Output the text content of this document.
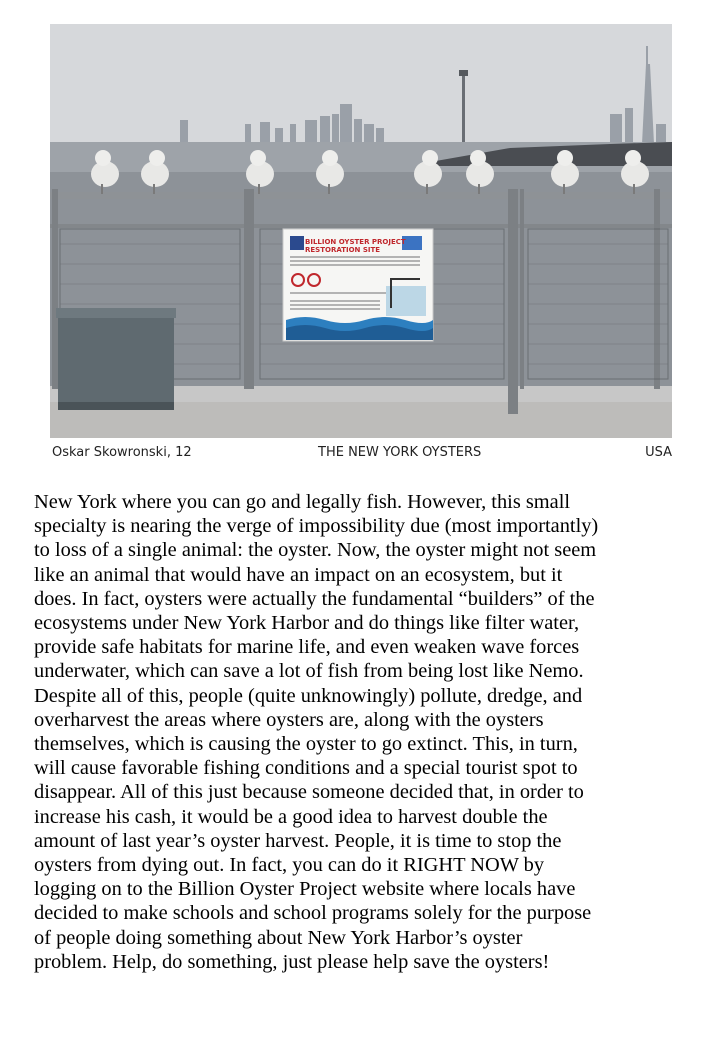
BILLION OYSTER PROJECT
RESTORATION SITE
Oskar Skowronski, 12	THE NEW YORK OYSTERS	USA

New York where you can go and legally fish. However, this small
specialty is nearing the verge of impossibility due (most importantly)
to loss of a single animal: the oyster. Now, the oyster might not seem
like an animal that would have an impact on an ecosystem, but it
does. In fact, oysters were actually the fundamental “builders” of the
ecosystems under New York Harbor and do things like filter water,
provide safe habitats for marine life, and even weaken wave forces
underwater, which can save a lot of fish from being lost like Nemo.
Despite all of this, people (quite unknowingly) pollute, dredge, and
overharvest the areas where oysters are, along with the oysters
themselves, which is causing the oyster to go extinct. This, in turn,
will cause favorable fishing conditions and a special tourist spot to
disappear. All of this just because someone decided that, in order to
increase his cash, it would be a good idea to harvest double the
amount of last year’s oyster harvest. People, it is time to stop the
oysters from dying out. In fact, you can do it RIGHT NOW by
logging on to the Billion Oyster Project website where locals have
decided to make schools and school programs solely for the purpose
of people doing something about New York Harbor’s oyster
problem. Help, do something, just please help save the oysters!
